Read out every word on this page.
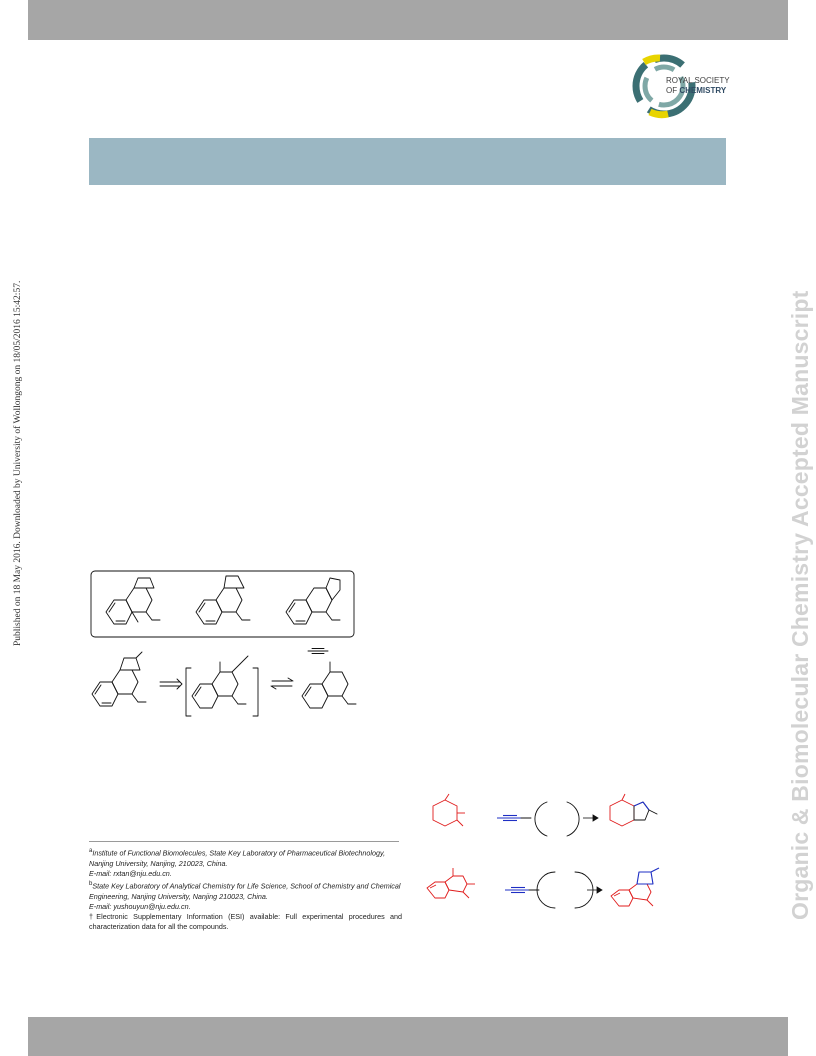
ROYAL SOCIETY
OF CHEMISTRY
Published on 18 May 2016. Downloaded by University of Wollongong on 18/05/2016 15:42:57.	Organic & Biomolecular Chemistry Accepted Manuscript

$^a$Institute of Functional Biomolecules, State Key Laboratory of Pharmaceutical Biotechnology, Nanjing University, Nanjing, 210023, China.

E-mail: rxtan@nju.edu.cn.

$^b$State Key Laboratory of Analytical Chemistry for Life Science, School of Chemistry and Chemical Engineering, Nanjing University, Nanjing 210023, China.

E-mail: yushouyun@nju.edu.cn.

†Electronic Supplementary Information (ESI) available: Full experimental procedures and characterization data for all the compounds.
